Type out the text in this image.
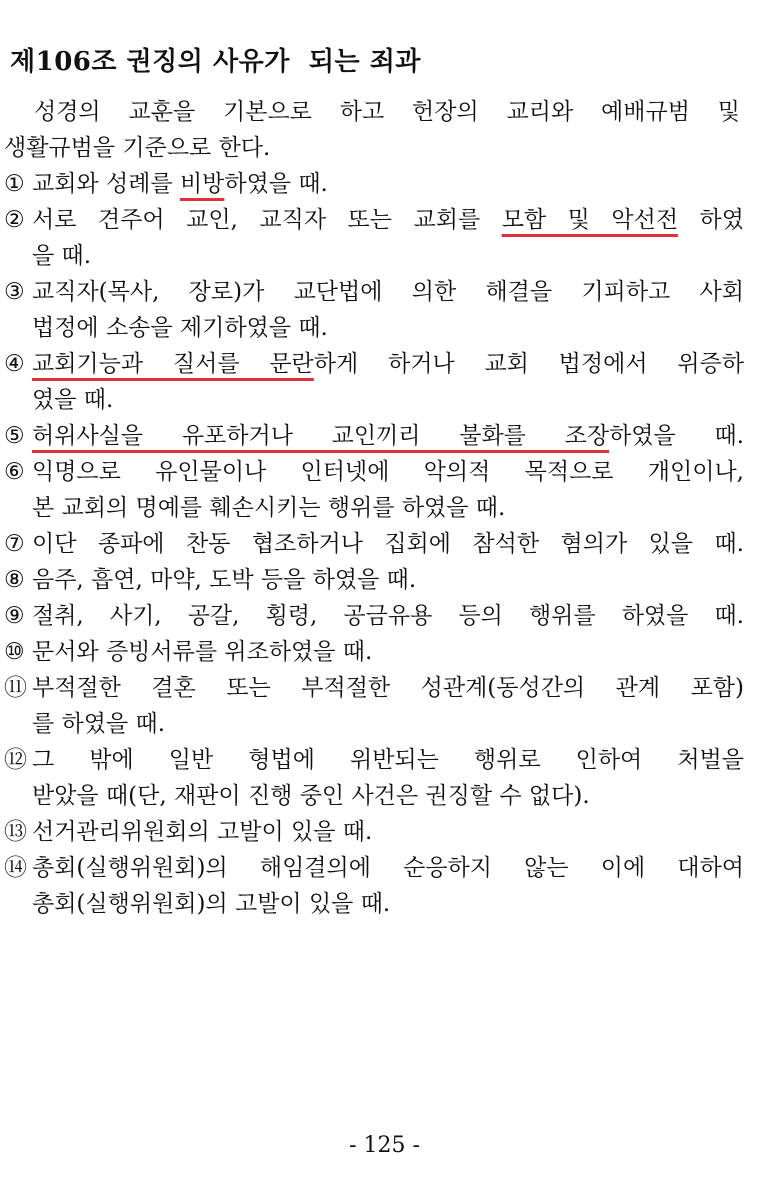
제106조 권징의 사유가  되는 죄과
성경의 교훈을 기본으로 하고 헌장의 교리와 예배규범 및
생활규범을 기준으로 한다.
① 교회와 성례를 비방하였을 때.
② 서로 견주어 교인, 교직자 또는 교회를 모함 및 악선전 하였
을 때.
③ 교직자(목사, 장로)가 교단법에 의한 해결을 기피하고 사회
법정에 소송을 제기하였을 때.
④ 교회기능과 질서를 문란하게 하거나 교회 법정에서 위증하
였을 때.
⑤ 허위사실을 유포하거나 교인끼리 불화를 조장하였을 때.
⑥ 익명으로 유인물이나 인터넷에 악의적 목적으로 개인이나,
본 교회의 명예를 훼손시키는 행위를 하였을 때.
⑦ 이단 종파에 찬동 협조하거나 집회에 참석한 혐의가 있을 때.
⑧ 음주, 흡연, 마약, 도박 등을 하였을 때.
⑨ 절취, 사기, 공갈, 횡령, 공금유용 등의 행위를 하였을 때.
⑩ 문서와 증빙서류를 위조하였을 때.
⑪ 부적절한 결혼 또는 부적절한 성관계(동성간의 관계 포함)
를 하였을 때.
⑫ 그 밖에 일반 형법에 위반되는 행위로 인하여 처벌을
받았을 때(단, 재판이 진행 중인 사건은 권징할 수 없다).
⑬ 선거관리위원회의 고발이 있을 때.
⑭ 총회(실행위원회)의 해임결의에 순응하지 않는 이에 대하여
총회(실행위원회)의 고발이 있을 때.
- 125 -
